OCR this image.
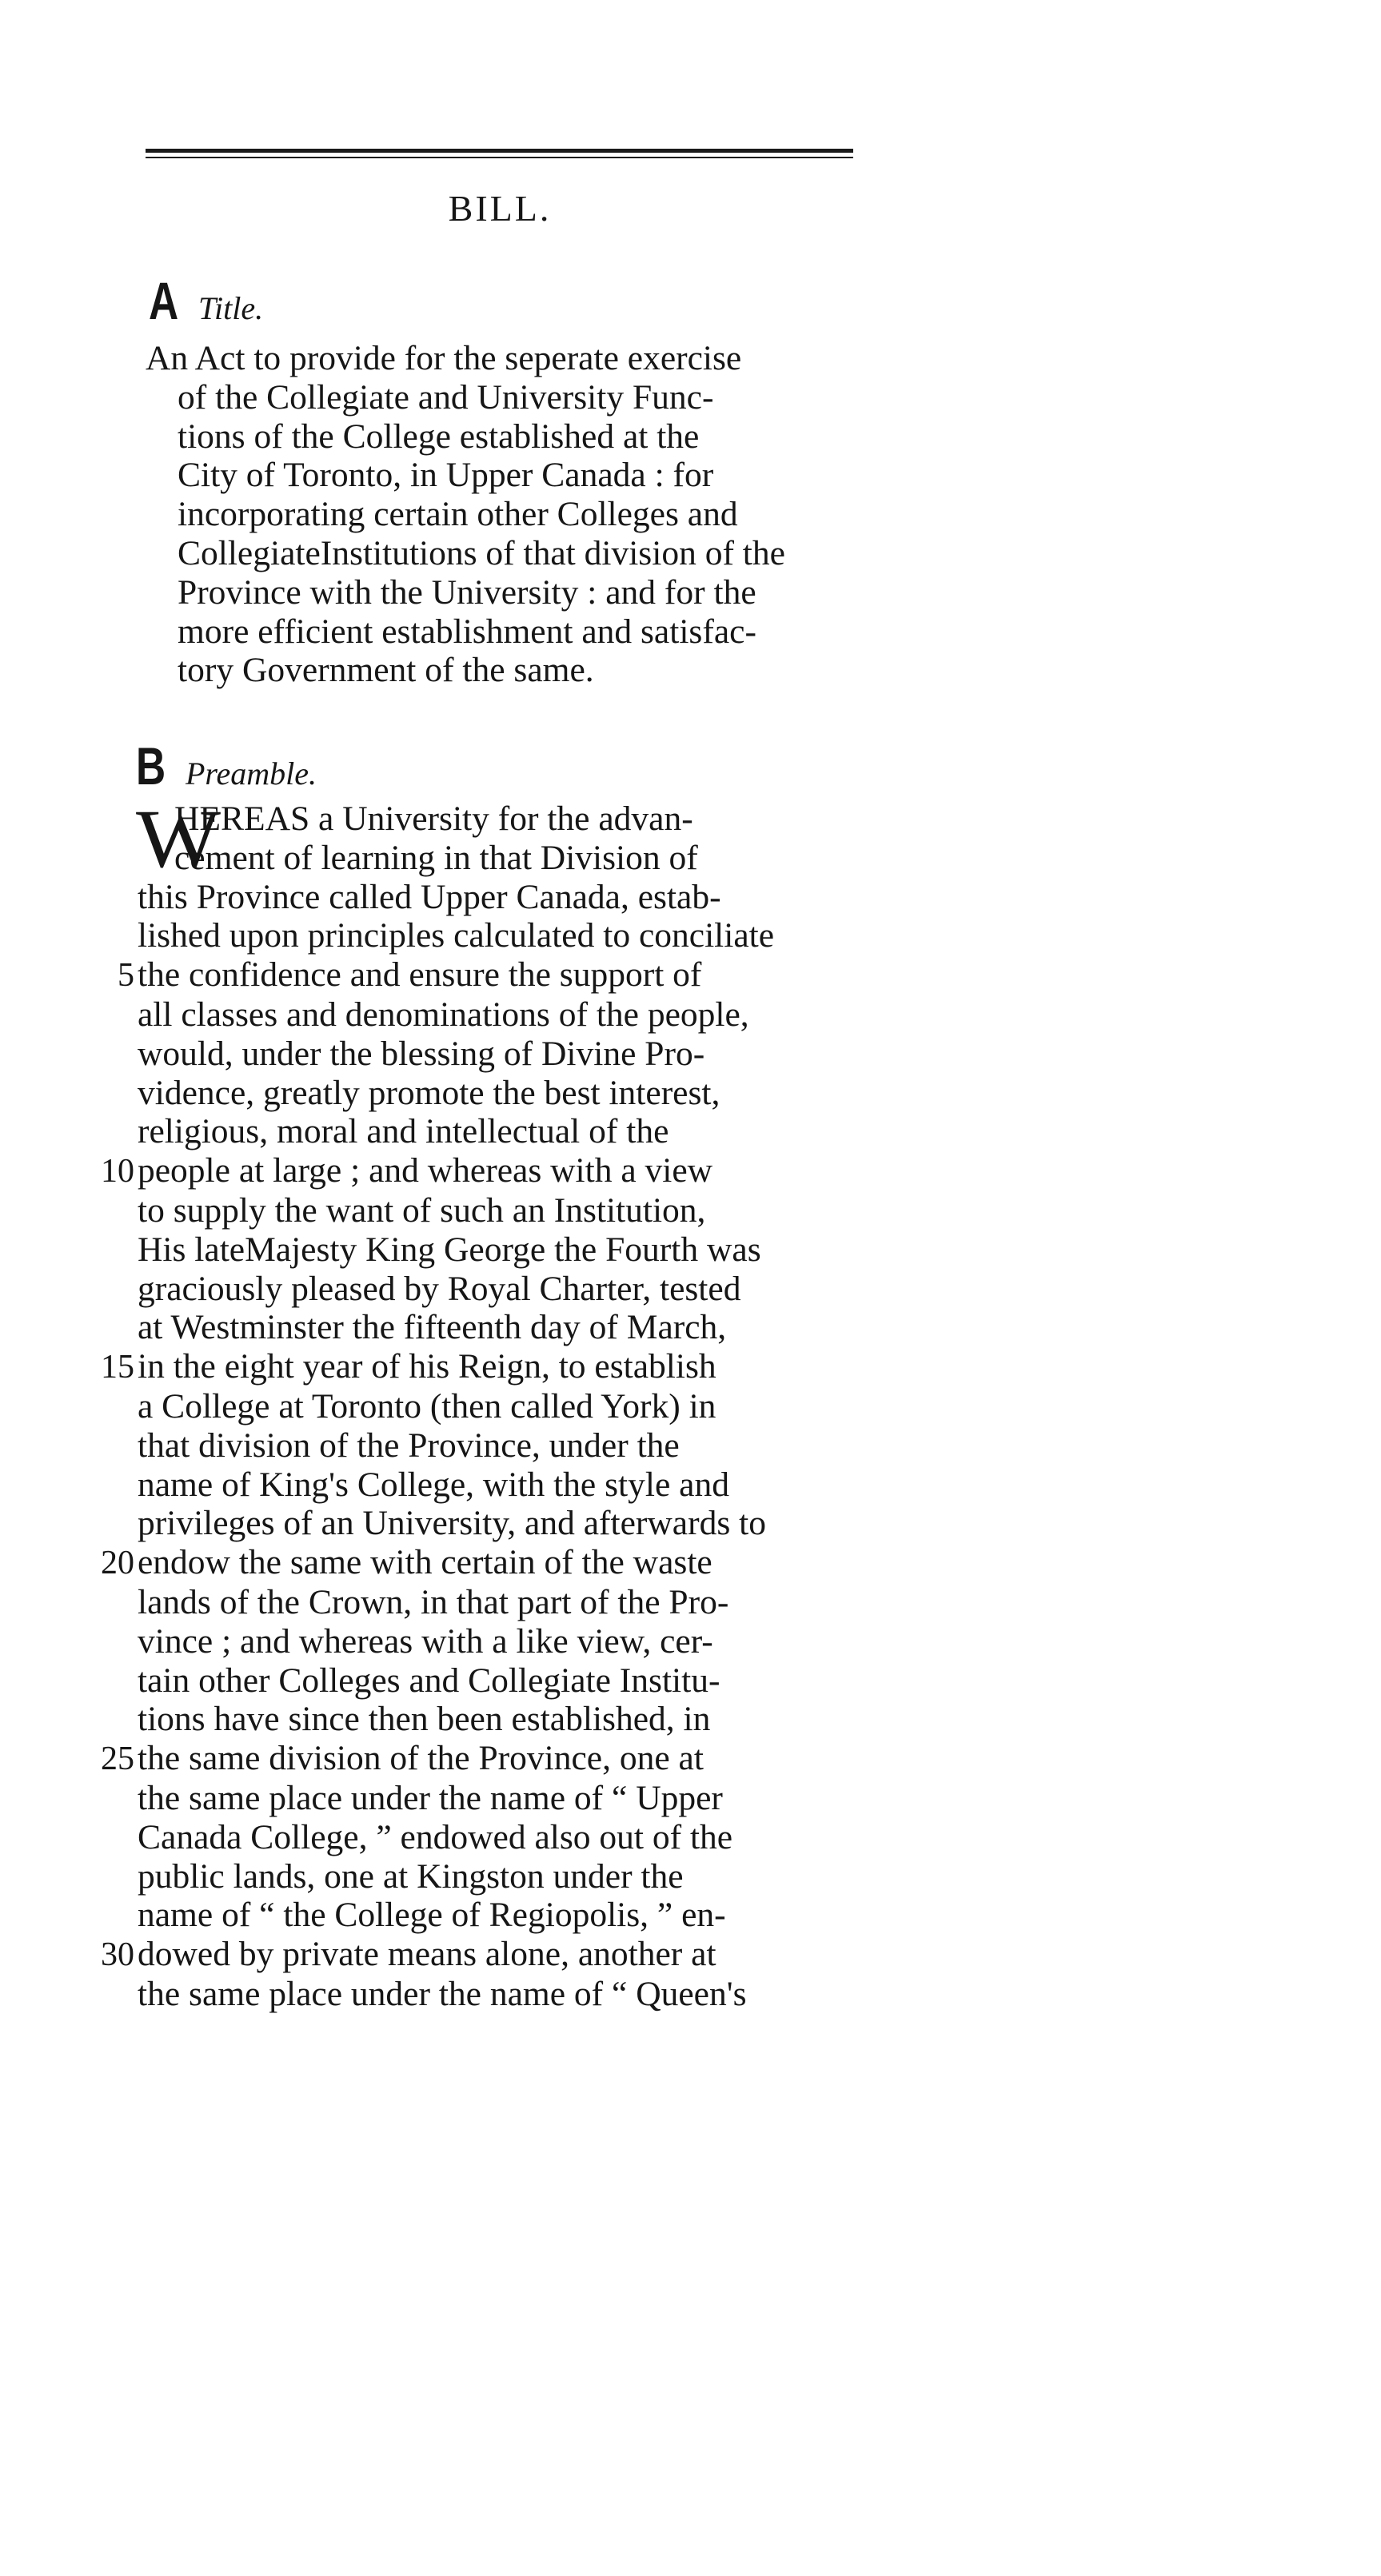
BILL.
A Title.
An Act to provide for the seperate exercise
of the Collegiate and University Func-
tions of the College established at the
City of Toronto, in Upper Canada : for
incorporating certain other Colleges and
CollegiateInstitutions of that division of the
Province with the University : and for the
more efficient establishment and satisfac-
tory Government of the same.
B Preamble.
W
HEREAS a University for the advan-
cement of learning in that Division of
this Province called Upper Canada, estab-
lished upon principles calculated to conciliate
5 the confidence and ensure the support of
all classes and denominations of the people,
would, under the blessing of Divine Pro-
vidence, greatly promote the best interest,
religious, moral and intellectual of the
10 people at large ; and whereas with a view
to supply the want of such an Institution,
His lateMajesty King George the Fourth was
graciously pleased by Royal Charter, tested
at Westminster the fifteenth day of March,
15 in the eight year of his Reign, to establish
a College at Toronto (then called York) in
that division of the Province, under the
name of King's College, with the style and
privileges of an University, and afterwards to
20 endow the same with certain of the waste
lands of the Crown, in that part of the Pro-
vince ; and whereas with a like view, cer-
tain other Colleges and Collegiate Institu-
tions have since then been established, in
25 the same division of the Province, one at
the same place under the name of “ Upper
Canada College, ” endowed also out of the
public lands, one at Kingston under the
name of “ the College of Regiopolis, ” en-
30 dowed by private means alone, another at
the same place under the name of “ Queen's
